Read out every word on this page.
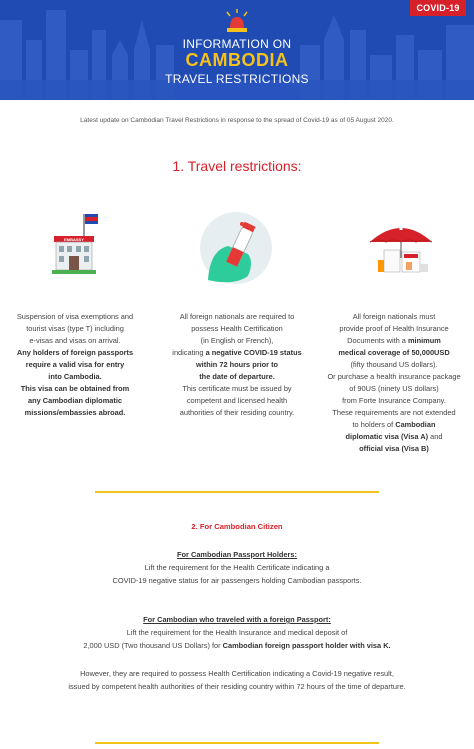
COVID-19
INFORMATION ON
CAMBODIA
TRAVEL RESTRICTIONS
Latest update on Cambodian Travel Restrictions in response to the spread of Covid-19 as of 05 August 2020.
1. Travel restrictions:
EMBASSY

Suspension of visa exemptions and

tourist visas (type T) including

e-visas and visas on arrival.

Any holders of foreign passports

require a valid visa for entry

into Cambodia.

This visa can be obtained from

any Cambodian diplomatic

missions/embassies abroad.

All foreign nationals are required to

possess Health Certification

(in English or French),

indicating a negative COVID-19 status

within 72 hours prior to

the date of departure.

This certificate must be issued by

competent and licensed health

authorities of their residing country.

All foreign nationals must

provide proof of Health Insurance

Documents with a minimum

medical coverage of 50,000USD

(fifty thousand US dollars).

Or purchase a health insurance package

of 90US (ninety US dollars)

from Forte Insurance Company.

These requirements are not extended

to holders of Cambodian

diplomatic visa (Visa A) and

official visa (Visa B)

2. For Cambodian Citizen

For Cambodian Passport Holders:

Lift the requirement for the Health Certificate indicating a

COVID-19 negative status for air passengers holding Cambodian passports.

For Cambodian who traveled with a foreign Passport:

Lift the requirement for the Health Insurance and medical deposit of

2,000 USD (Two thousand US Dollars) for Cambodian foreign passport holder with visa K.

However, they are required to possess Health Certification indicating a Covid-19 negative result,

issued by competent health authorities of their residing country within 72 hours of the time of departure.
